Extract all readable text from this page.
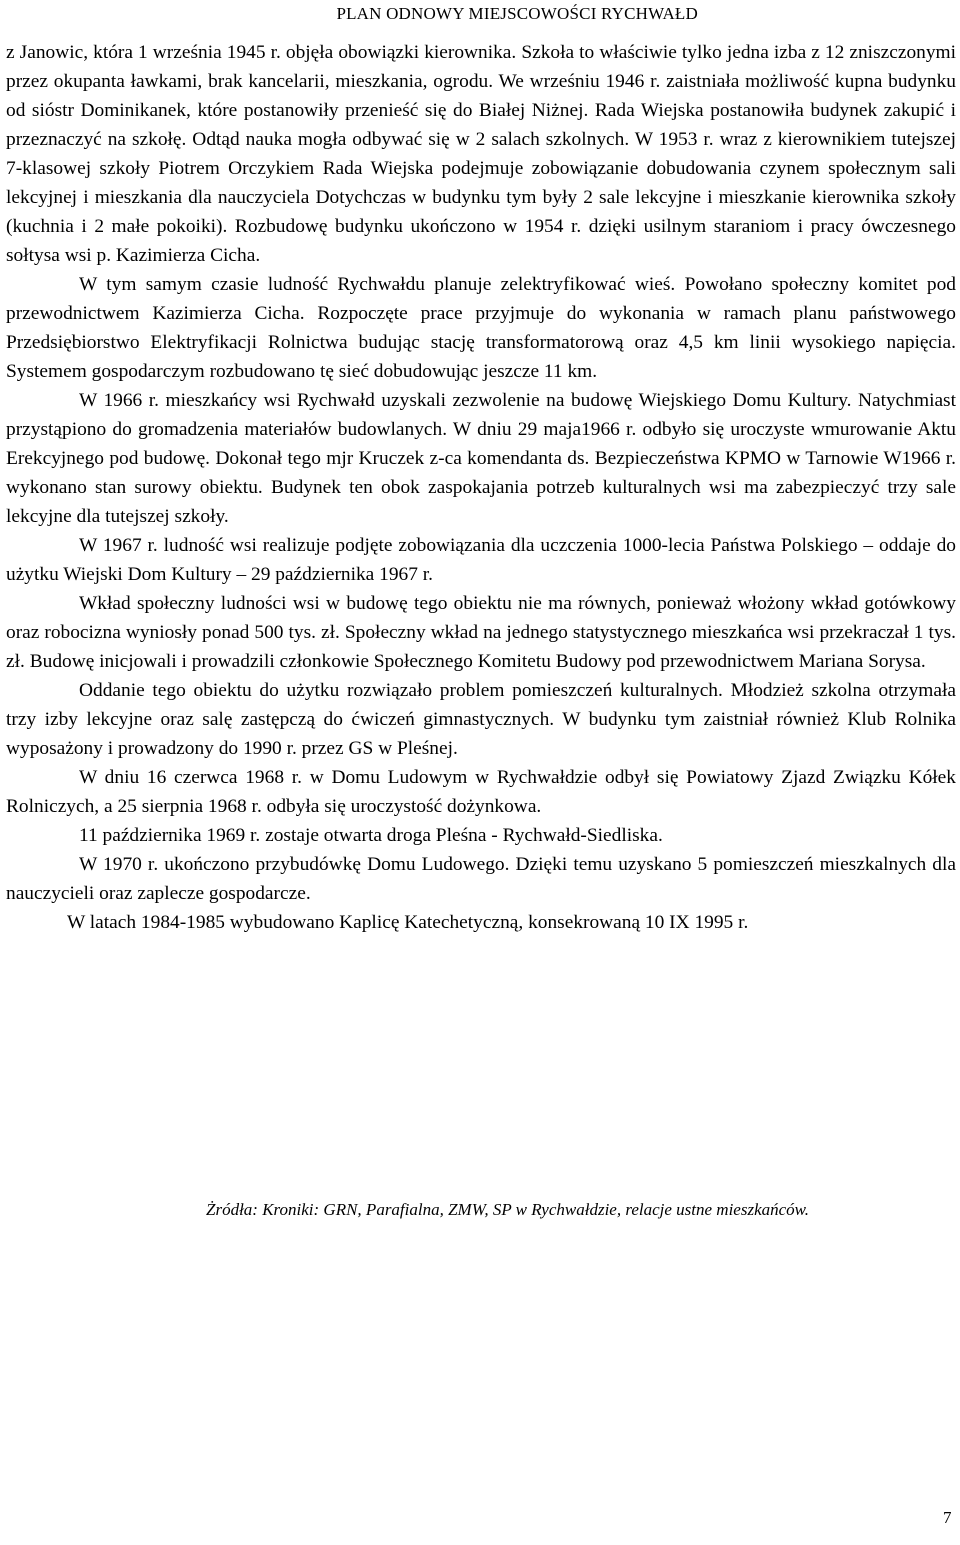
PLAN ODNOWY MIEJSCOWOŚCI RYCHWAŁD

z Janowic, która 1 września 1945 r. objęła obowiązki kierownika. Szkoła to właściwie tylko jedna izba z 12 zniszczonymi przez okupanta ławkami, brak kancelarii, mieszkania, ogrodu. We wrześniu 1946 r. zaistniała możliwość kupna budynku od sióstr Dominikanek, które postanowiły przenieść się do Białej Niżnej. Rada Wiejska postanowiła budynek zakupić i przeznaczyć na szkołę. Odtąd nauka mogła odbywać się w 2 salach szkolnych. W 1953 r. wraz z kierownikiem tutejszej 7-klasowej szkoły Piotrem Orczykiem Rada Wiejska podejmuje zobowiązanie dobudowania czynem społecznym sali lekcyjnej i mieszkania dla nauczyciela Dotychczas w budynku tym były 2 sale lekcyjne i mieszkanie kierownika szkoły (kuchnia i 2 małe pokoiki). Rozbudowę budynku ukończono w 1954 r. dzięki usilnym staraniom i pracy ówczesnego sołtysa wsi p. Kazimierza Cicha.

W tym samym czasie ludność Rychwałdu planuje zelektryfikować wieś. Powołano społeczny komitet pod przewodnictwem Kazimierza Cicha. Rozpoczęte prace przyjmuje do wykonania w ramach planu państwowego Przedsiębiorstwo Elektryfikacji Rolnictwa budując stację transformatorową oraz 4,5 km linii wysokiego napięcia. Systemem gospodarczym rozbudowano tę sieć dobudowując jeszcze 11 km.

W 1966 r. mieszkańcy wsi Rychwałd uzyskali zezwolenie na budowę Wiejskiego Domu Kultury. Natychmiast przystąpiono do gromadzenia materiałów budowlanych. W dniu 29 maja1966 r. odbyło się uroczyste wmurowanie Aktu Erekcyjnego pod budowę. Dokonał tego mjr Kruczek z-ca komendanta ds. Bezpieczeństwa KPMO w Tarnowie W1966 r. wykonano stan surowy obiektu. Budynek ten obok zaspokajania potrzeb kulturalnych wsi ma zabezpieczyć trzy sale lekcyjne dla tutejszej szkoły.

W 1967 r. ludność wsi realizuje podjęte zobowiązania dla uczczenia 1000-lecia Państwa Polskiego – oddaje do użytku Wiejski Dom Kultury – 29 października 1967 r.

Wkład społeczny ludności wsi w budowę tego obiektu nie ma równych, ponieważ włożony wkład gotówkowy oraz robocizna wyniosły ponad 500 tys. zł. Społeczny wkład na jednego statystycznego mieszkańca wsi przekraczał 1 tys. zł. Budowę inicjowali i prowadzili członkowie Społecznego Komitetu Budowy pod przewodnictwem Mariana Sorysa.

Oddanie tego obiektu do użytku rozwiązało problem pomieszczeń kulturalnych. Młodzież szkolna otrzymała trzy izby lekcyjne oraz salę zastępczą do ćwiczeń gimnastycznych. W budynku tym zaistniał również Klub Rolnika wyposażony i prowadzony do 1990 r. przez GS w Pleśnej.

W dniu 16 czerwca 1968 r. w Domu Ludowym w Rychwałdzie odbył się Powiatowy Zjazd Związku Kółek Rolniczych, a 25 sierpnia 1968 r. odbyła się uroczystość dożynkowa.

11 października 1969 r. zostaje otwarta droga Pleśna - Rychwałd-Siedliska.

W 1970 r. ukończono przybudówkę Domu Ludowego. Dzięki temu uzyskano 5 pomieszczeń mieszkalnych dla nauczycieli oraz zaplecze gospodarcze.

W latach 1984-1985 wybudowano Kaplicę Katechetyczną, konsekrowaną 10 IX 1995 r.

Żródła: Kroniki: GRN, Parafialna, ZMW, SP w Rychwałdzie, relacje ustne mieszkańców.
7
